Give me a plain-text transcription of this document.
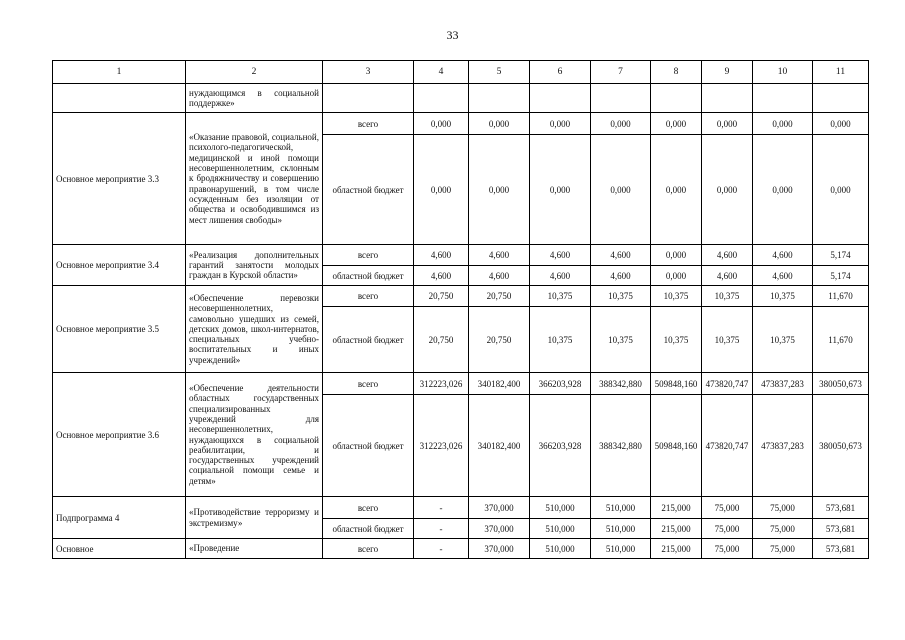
33
1	2	3	4	5	6	7	8	9	10	11
	нуждающимся в социальной поддержке»									
Основное мероприятие 3.3	«Оказание правовой, социальной, психолого-педагогической, медицинской и иной помощи несовершеннолетним, склонным к бродяжничеству и совершению правонарушений, в том числе осужденным без изоляции от общества и освободившимся из мест лишения свободы»	всего	0,000	0,000	0,000	0,000	0,000	0,000	0,000	0,000
		областной бюджет	0,000	0,000	0,000	0,000	0,000	0,000	0,000	0,000
Основное мероприятие 3.4	«Реализация дополнительных гарантий занятости молодых граждан в Курской области»	всего	4,600	4,600	4,600	4,600	0,000	4,600	4,600	5,174
		областной бюджет	4,600	4,600	4,600	4,600	0,000	4,600	4,600	5,174
Основное мероприятие 3.5	«Обеспечение перевозки несовершеннолетних, самовольно ушедших из семей, детских домов, школ-интернатов, специальных учебно-воспитательных и иных учреждений»	всего	20,750	20,750	10,375	10,375	10,375	10,375	10,375	11,670
		областной бюджет	20,750	20,750	10,375	10,375	10,375	10,375	10,375	11,670
Основное мероприятие 3.6	«Обеспечение деятельности областных государственных специализированных учреждений для несовершеннолетних, нуждающихся в социальной реабилитации, и государственных учреждений социальной помощи семье и детям»	всего	312223,026	340182,400	366203,928	388342,880	509848,160	473820,747	473837,283	380050,673
		областной бюджет	312223,026	340182,400	366203,928	388342,880	509848,160	473820,747	473837,283	380050,673
Подпрограмма 4	«Противодействие терроризму и экстремизму»	всего	-	370,000	510,000	510,000	215,000	75,000	75,000	573,681
		областной бюджет	-	370,000	510,000	510,000	215,000	75,000	75,000	573,681
Основное	«Проведение	всего	-	370,000	510,000	510,000	215,000	75,000	75,000	573,681
